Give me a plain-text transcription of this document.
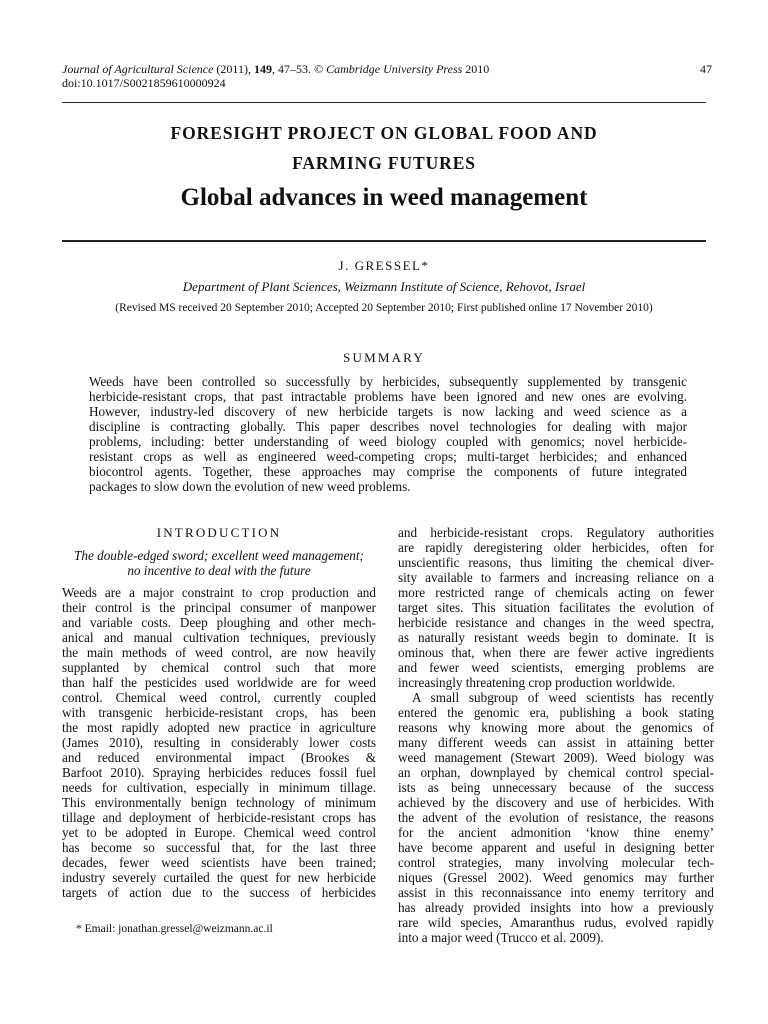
Journal of Agricultural Science (2011), 149, 47–53. © Cambridge University Press 2010
doi:10.1017/S0021859610000924
47
FORESIGHT PROJECT ON GLOBAL FOOD AND
FARMING FUTURES
Global advances in weed management
J. GRESSEL*
Department of Plant Sciences, Weizmann Institute of Science, Rehovot, Israel
(Revised MS received 20 September 2010; Accepted 20 September 2010; First published online 17 November 2010)
SUMMARY
Weeds have been controlled so successfully by herbicides, subsequently supplemented by transgenic
herbicide-resistant crops, that past intractable problems have been ignored and new ones are evolving.
However, industry-led discovery of new herbicide targets is now lacking and weed science as a
discipline is contracting globally. This paper describes novel technologies for dealing with major
problems, including: better understanding of weed biology coupled with genomics; novel herbicide-
resistant crops as well as engineered weed-competing crops; multi-target herbicides; and enhanced
biocontrol agents. Together, these approaches may comprise the components of future integrated
packages to slow down the evolution of new weed problems.
INTRODUCTION
The double-edged sword; excellent weed management;
no incentive to deal with the future
Weeds are a major constraint to crop production and
their control is the principal consumer of manpower
and variable costs. Deep ploughing and other mech-
anical and manual cultivation techniques, previously
the main methods of weed control, are now heavily
supplanted by chemical control such that more
than half the pesticides used worldwide are for weed
control. Chemical weed control, currently coupled
with transgenic herbicide-resistant crops, has been
the most rapidly adopted new practice in agriculture
(James 2010), resulting in considerably lower costs
and reduced environmental impact (Brookes &
Barfoot 2010). Spraying herbicides reduces fossil fuel
needs for cultivation, especially in minimum tillage.
This environmentally benign technology of minimum
tillage and deployment of herbicide-resistant crops has
yet to be adopted in Europe. Chemical weed control
has become so successful that, for the last three
decades, fewer weed scientists have been trained;
industry severely curtailed the quest for new herbicide
targets of action due to the success of herbicides
and herbicide-resistant crops. Regulatory authorities
are rapidly deregistering older herbicides, often for
unscientific reasons, thus limiting the chemical diver-
sity available to farmers and increasing reliance on a
more restricted range of chemicals acting on fewer
target sites. This situation facilitates the evolution of
herbicide resistance and changes in the weed spectra,
as naturally resistant weeds begin to dominate. It is
ominous that, when there are fewer active ingredients
and fewer weed scientists, emerging problems are
increasingly threatening crop production worldwide.
A small subgroup of weed scientists has recently
entered the genomic era, publishing a book stating
reasons why knowing more about the genomics of
many different weeds can assist in attaining better
weed management (Stewart 2009). Weed biology was
an orphan, downplayed by chemical control special-
ists as being unnecessary because of the success
achieved by the discovery and use of herbicides. With
the advent of the evolution of resistance, the reasons
for the ancient admonition ‘know thine enemy’
have become apparent and useful in designing better
control strategies, many involving molecular tech-
niques (Gressel 2002). Weed genomics may further
assist in this reconnaissance into enemy territory and
has already provided insights into how a previously
rare wild species, Amaranthus rudus, evolved rapidly
into a major weed (Trucco et al. 2009).
* Email: jonathan.gressel@weizmann.ac.il
